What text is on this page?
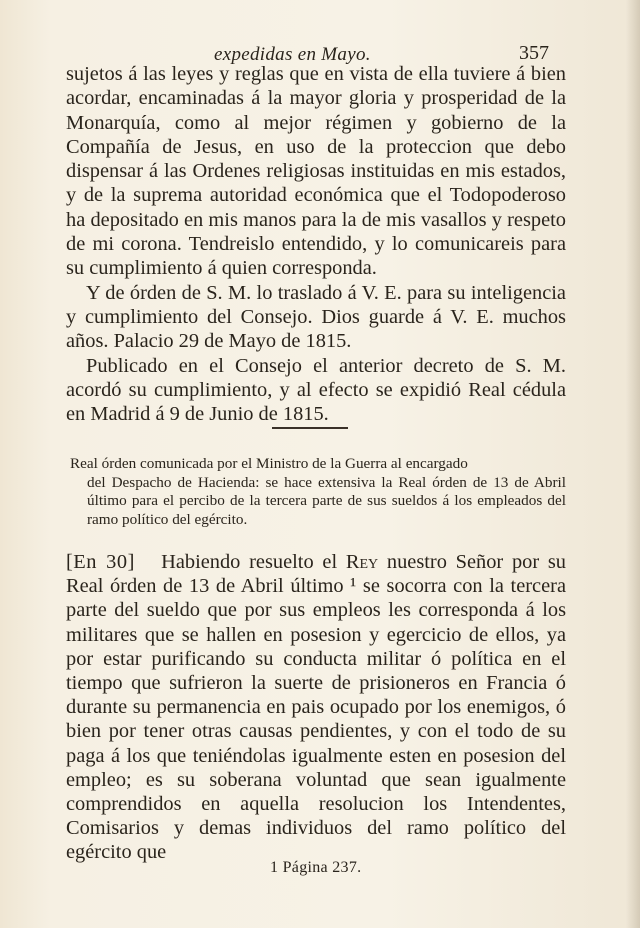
expedidas en Mayo.	357

sujetos á las leyes y reglas que en vista de ella tuviere á bien acordar, encaminadas á la mayor gloria y prosperidad de la Monarquía, como al mejor régimen y gobierno de la Compañía de Jesus, en uso de la proteccion que debo dispensar á las Ordenes religiosas instituidas en mis estados, y de la suprema autoridad económica que el Todopoderoso ha depositado en mis manos para la de mis vasallos y respeto de mi corona. Tendreislo entendido, y lo comunicareis para su cumplimiento á quien corresponda.

Y de órden de S. M. lo traslado á V. E. para su inteligencia y cumplimiento del Consejo. Dios guarde á V. E. muchos años. Palacio 29 de Mayo de 1815.

Publicado en el Consejo el anterior decreto de S. M. acordó su cumplimiento, y al efecto se expidió Real cédula en Madrid á 9 de Junio de 1815.

Real órden comunicada por el Ministro de la Guerra al encargado
del Despacho de Hacienda: se hace extensiva la Real órden de 13 de Abril último para el percibo de la tercera parte de sus sueldos á los empleados del ramo político del egército.

[En 30] Habiendo resuelto el Rey nuestro Señor por su Real órden de 13 de Abril último ¹ se socorra con la tercera parte del sueldo que por sus empleos les corresponda á los militares que se hallen en posesion y egercicio de ellos, ya por estar purificando su conducta militar ó política en el tiempo que sufrieron la suerte de prisioneros en Francia ó durante su permanencia en pais ocupado por los enemigos, ó bien por tener otras causas pendientes, y con el todo de su paga á los que teniéndolas igualmente esten en posesion del empleo; es su soberana voluntad que sean igualmente comprendidos en aquella resolucion los Intendentes, Comisarios y demas individuos del ramo político del egército que

1 Página 237.
